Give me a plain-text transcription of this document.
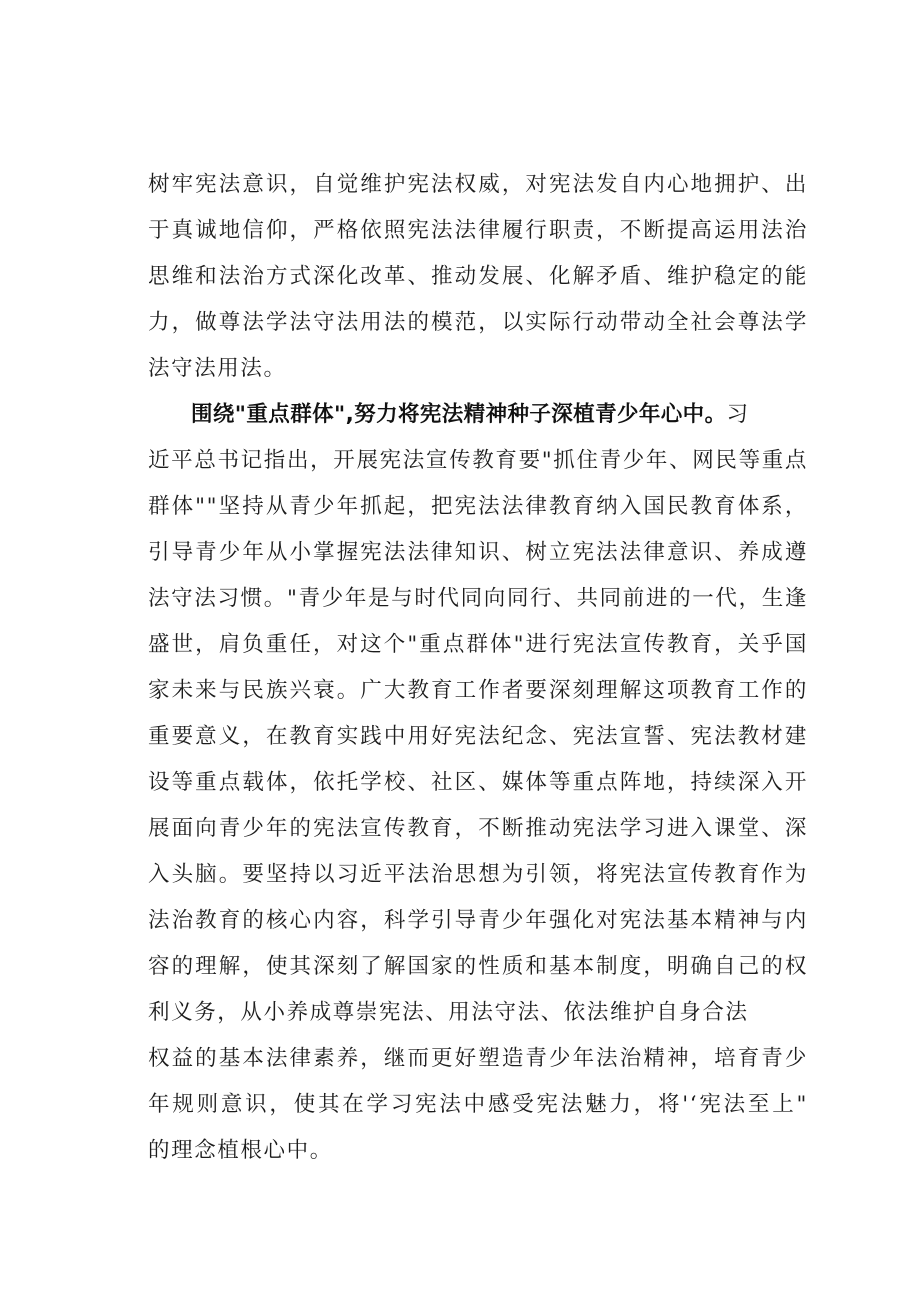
树牢宪法意识，自觉维护宪法权威，对宪法发自内心地拥护、出
于真诚地信仰，严格依照宪法法律履行职责，不断提高运用法治
思维和法治方式深化改革、推动发展、化解矛盾、维护稳定的能
力，做尊法学法守法用法的模范，以实际行动带动全社会尊法学
法守法用法。
围绕"重点群体",努力将宪法精神种子深植青少年心中。习
近平总书记指出，开展宪法宣传教育要"抓住青少年、网民等重点
群体""坚持从青少年抓起，把宪法法律教育纳入国民教育体系，
引导青少年从小掌握宪法法律知识、树立宪法法律意识、养成遵
法守法习惯。"青少年是与时代同向同行、共同前进的一代，生逢
盛世，肩负重任，对这个"重点群体"进行宪法宣传教育，关乎国
家未来与民族兴衰。广大教育工作者要深刻理解这项教育工作的
重要意义，在教育实践中用好宪法纪念、宪法宣誓、宪法教材建
设等重点载体，依托学校、社区、媒体等重点阵地，持续深入开
展面向青少年的宪法宣传教育，不断推动宪法学习进入课堂、深
入头脑。要坚持以习近平法治思想为引领，将宪法宣传教育作为
法治教育的核心内容，科学引导青少年强化对宪法基本精神与内
容的理解，使其深刻了解国家的性质和基本制度，明确自己的权
利义务，从小养成尊崇宪法、用法守法、依法维护自身合法
权益的基本法律素养，继而更好塑造青少年法治精神，培育青少
年规则意识，使其在学习宪法中感受宪法魅力，将'‘宪法至上"
的理念植根心中。
